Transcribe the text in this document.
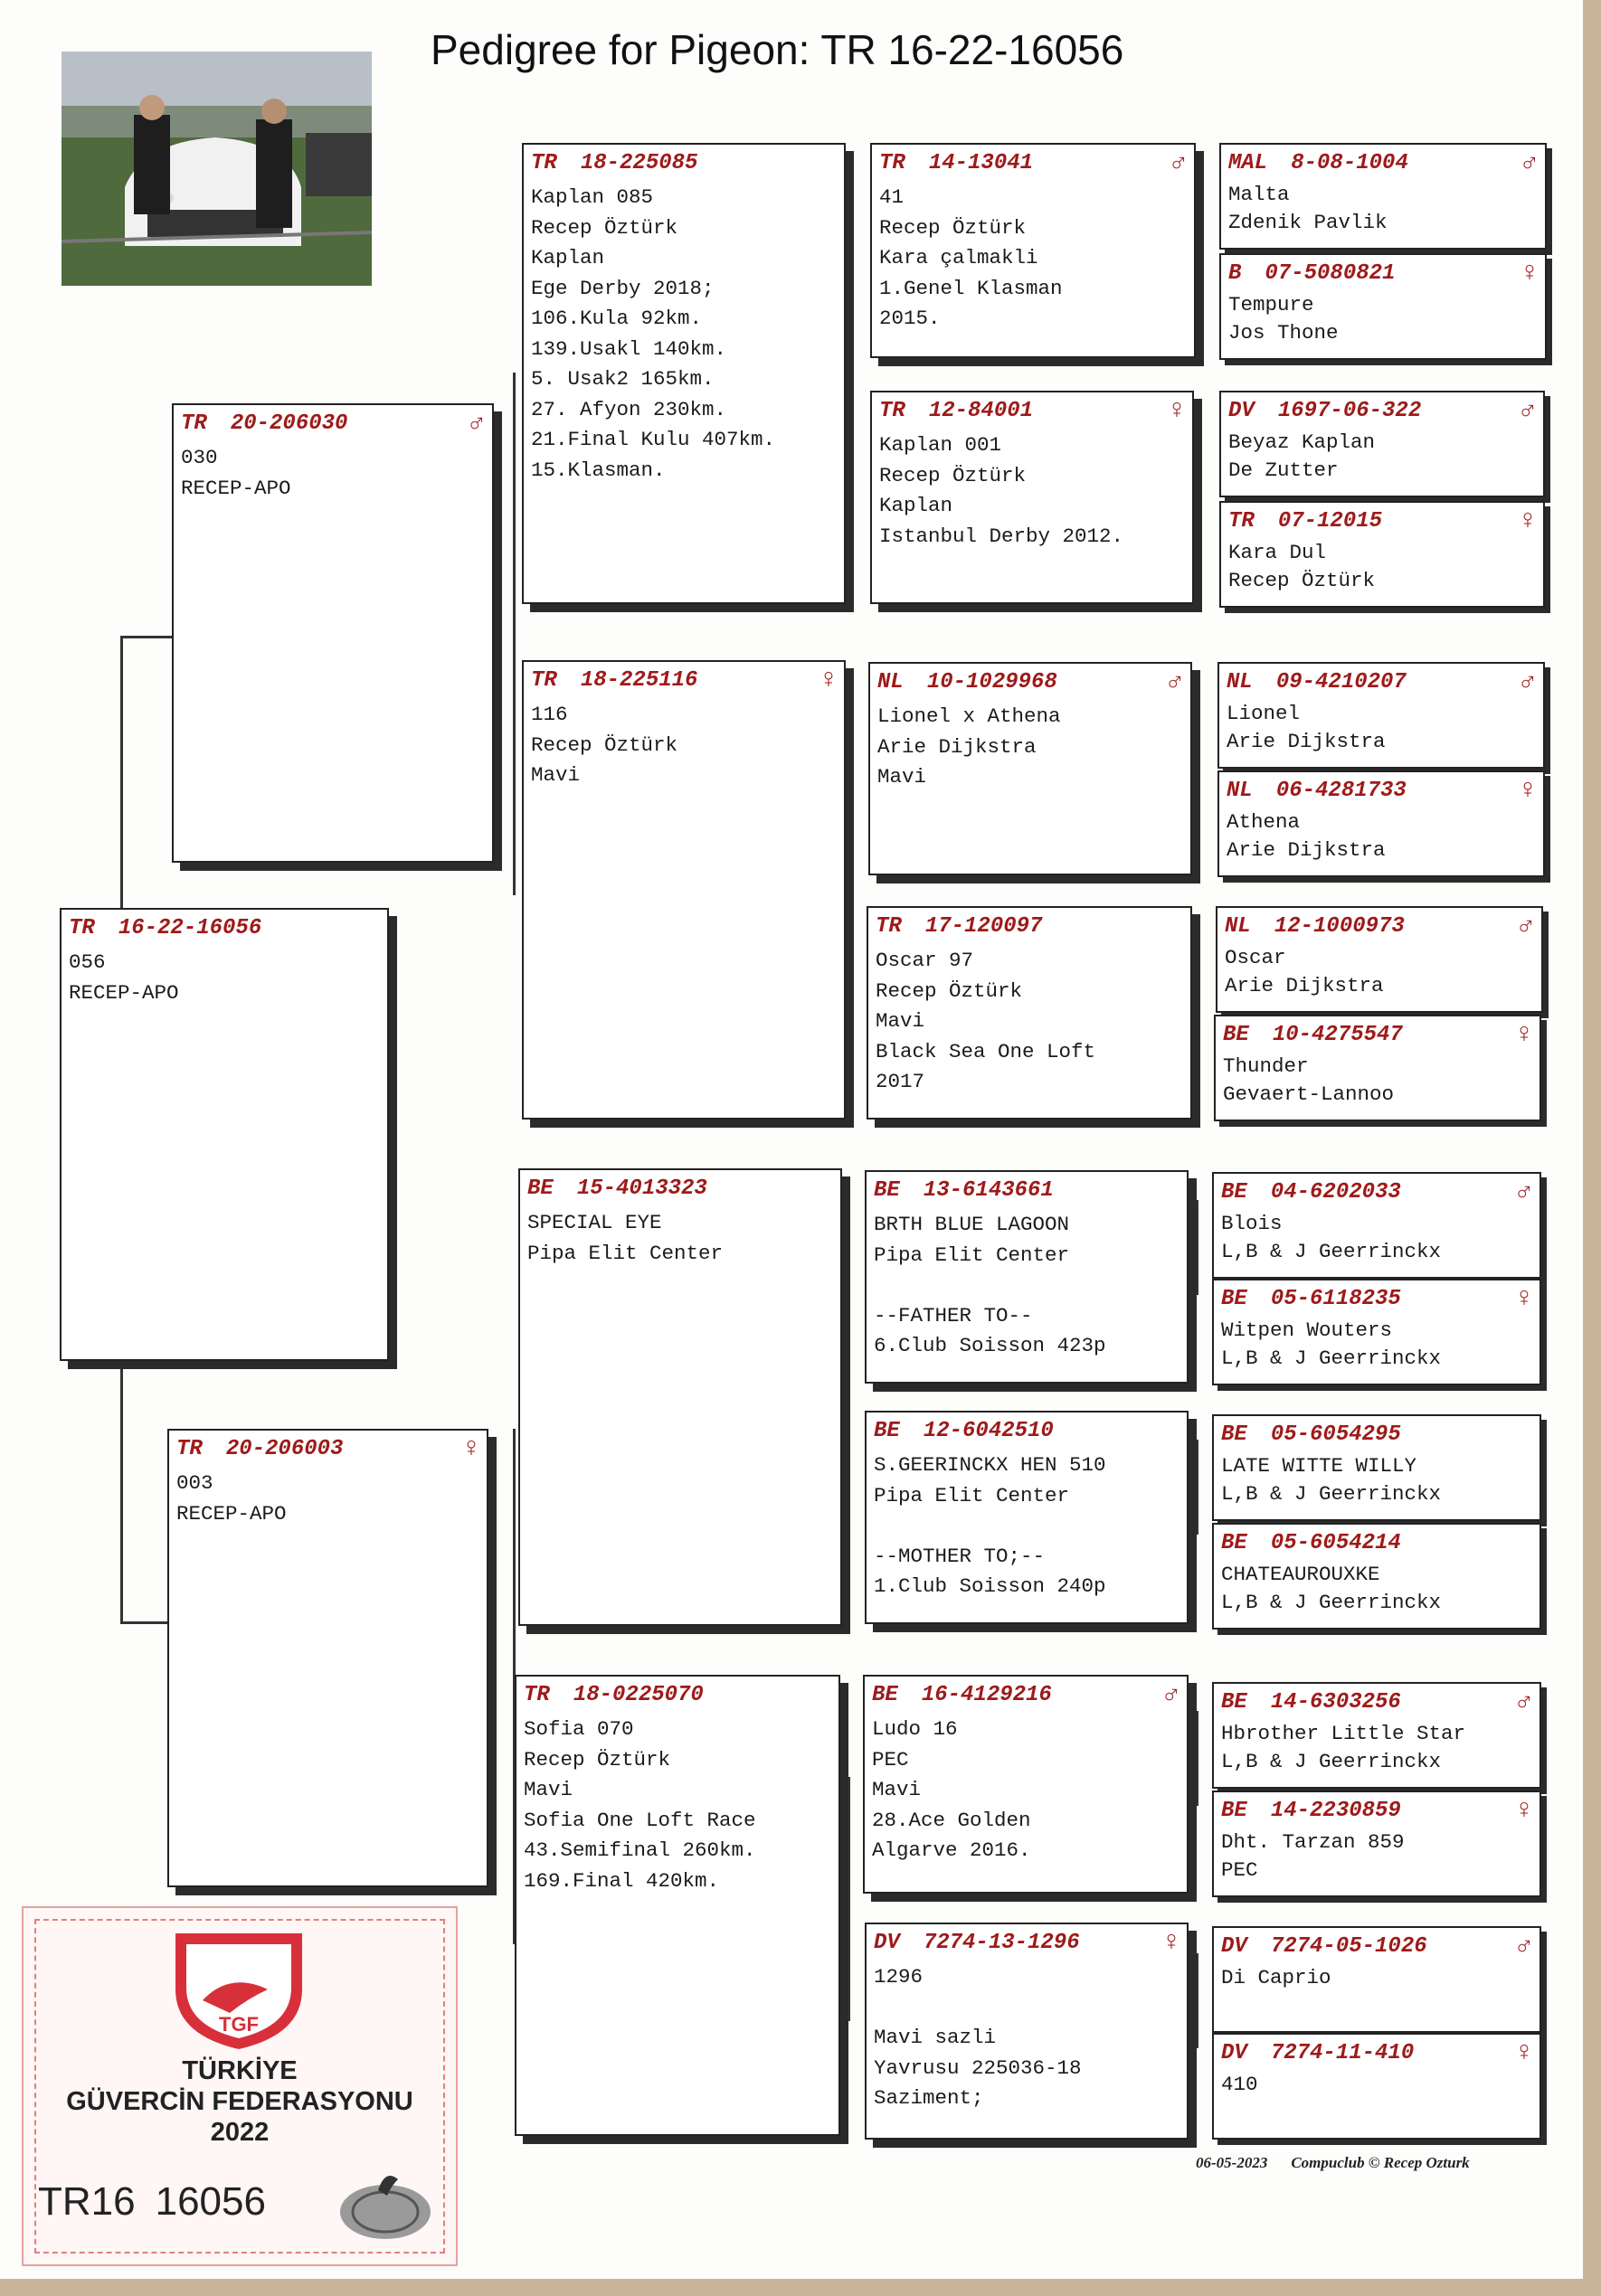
Pedigree for Pigeon: TR 16-22-16056
TR 16-22-16056
056
RECEP-APO
TR 20-206030	♂
030
RECEP-APO
TR 20-206003	♀
003
RECEP-APO
TR 18-225085
Kaplan 085
Recep Öztürk
Kaplan
Ege Derby 2018;
106.Kula 92km.
139.Usakl 140km.
5. Usak2 165km.
27. Afyon 230km.
21.Final Kulu 407km.
15.Klasman.
TR 18-225116	♀
116
Recep Öztürk
Mavi
BE 15-4013323
SPECIAL EYE
Pipa Elit Center
TR 18-0225070
Sofia 070
Recep Öztürk
Mavi
Sofia One Loft Race
43.Semifinal 260km.
169.Final 420km.
TR 14-13041	♂
41
Recep Öztürk
Kara çalmakli
1.Genel Klasman
2015.
TR 12-84001	♀
Kaplan 001
Recep Öztürk
Kaplan
Istanbul Derby 2012.
NL 10-1029968	♂
Lionel x Athena
Arie Dijkstra
Mavi
TR 17-120097
Oscar 97
Recep Öztürk
Mavi
Black Sea One Loft
2017
BE 13-6143661
BRTH BLUE LAGOON
Pipa Elit Center
--FATHER TO--
6.Club Soisson 423p
BE 12-6042510
S.GEERINCKX HEN 510
Pipa Elit Center
--MOTHER TO;--
1.Club Soisson 240p
BE 16-4129216	♂
Ludo 16
PEC
Mavi
28.Ace Golden
Algarve 2016.
DV 7274-13-1296	♀
1296
Mavi sazli
Yavrusu 225036-18
Saziment;
MAL 8-08-1004	♂
Malta
Zdenik Pavlik
B 07-5080821	♀
Tempure
Jos Thone
DV 1697-06-322	♂
Beyaz Kaplan
De Zutter
TR 07-12015	♀
Kara Dul
Recep Öztürk
NL 09-4210207	♂
Lionel
Arie Dijkstra
NL 06-4281733	♀
Athena
Arie Dijkstra
NL 12-1000973	♂
Oscar
Arie Dijkstra
BE 10-4275547	♀
Thunder
Gevaert-Lannoo
BE 04-6202033	♂
Blois
L,B & J Geerrinckx
BE 05-6118235	♀
Witpen Wouters
L,B & J Geerrinckx
BE 05-6054295
LATE WITTE WILLY
L,B & J Geerrinckx
BE 05-6054214
CHATEAUROUXKE
L,B & J Geerrinckx
BE 14-6303256	♂
Hbrother Little Star
L,B & J Geerrinckx
BE 14-2230859	♀
Dht. Tarzan 859
PEC
DV 7274-05-1026	♂
Di Caprio
DV 7274-11-410	♀
410
06-05-2023 Compuclub © Recep Ozturk
TGF
TÜRKİYE
GÜVERCİN FEDERASYONU
2022
TR16 16056
